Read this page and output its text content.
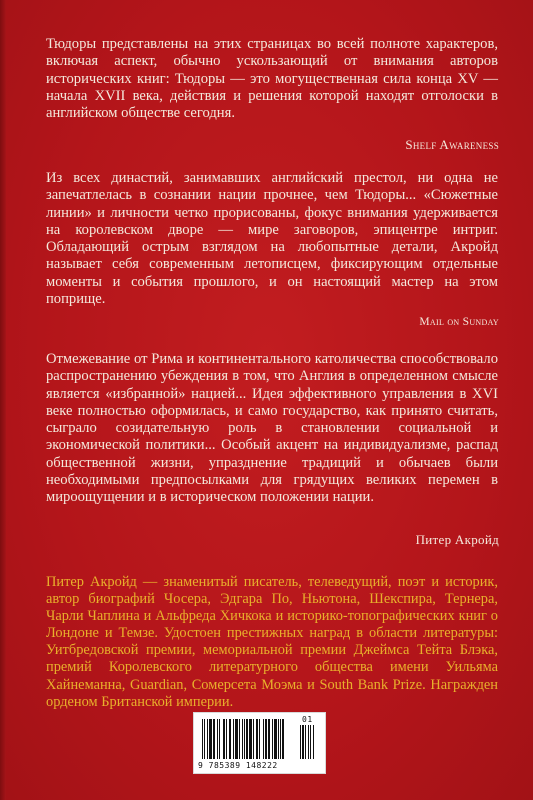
Тюдоры представлены на этих страницах во всей полноте характеров, включая аспект, обычно ускользающий от внимания авторов исторических книг: Тюдоры — это могущественная сила конца XV — начала XVII века, действия и решения которой находят отголоски в английском обществе сегодня.

Shelf Awareness

Из всех династий, занимавших английский престол, ни одна не запечатлелась в сознании нации прочнее, чем Тюдоры... «Сюжетные линии» и личности четко прорисованы, фокус внимания удерживается на королевском дворе — мире заговоров, эпицентре интриг. Обладающий острым взглядом на любопытные детали, Акройд называет себя современным летописцем, фиксирующим отдельные моменты и события прошлого, и он настоящий мастер на этом поприще.

Mail on Sunday

Отмежевание от Рима и континентального католичества способствовало распространению убеждения в том, что Англия в определенном смысле является «избранной» нацией... Идея эффективного управления в XVI веке полностью оформилась, и само государство, как принято считать, сыграло созидательную роль в становлении социальной и экономической политики... Особый акцент на индивидуализме, распад общественной жизни, упразднение традиций и обычаев были необходимыми предпосылками для грядущих великих перемен в мироощущении и в историческом положении нации.

Питер Акройд

Питер Акройд — знаменитый писатель, телеведущий, поэт и историк, автор биографий Чосера, Эдгара По, Ньютона, Шекспира, Тернера, Чарли Чаплина и Альфреда Хичкока и историко-топографических книг о Лондоне и Темзе. Удостоен престижных наград в области литературы: Уитбредовской премии, мемориальной премии Джеймса Тейта Блэка, премий Королевского литературного общества имени Уильяма Хайнеманна, Guardian, Сомерсета Моэма и South Bank Prize. Награжден орденом Британской империи.

9 785389 148222
01
